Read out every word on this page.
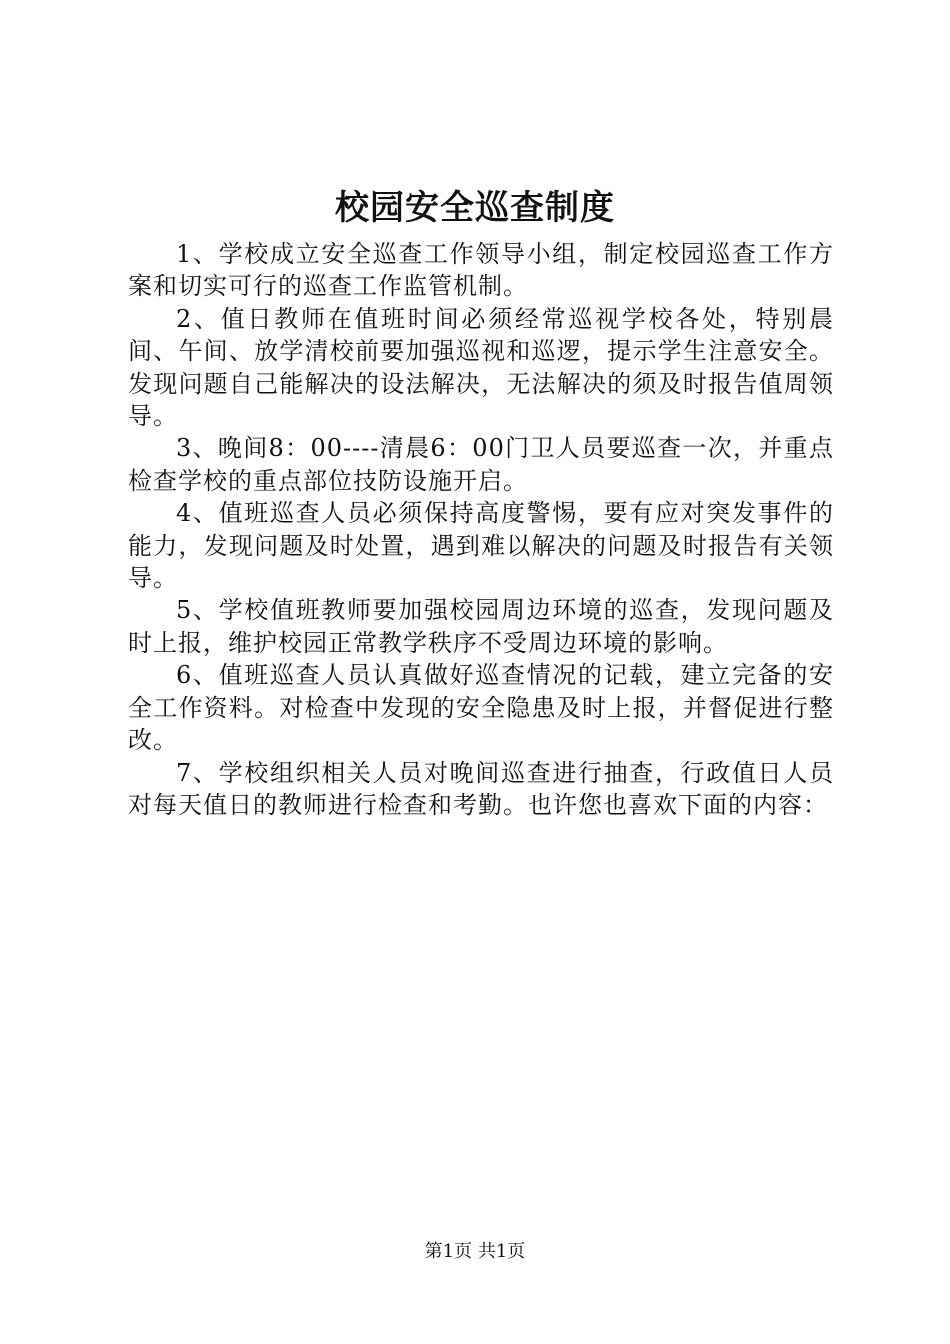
校园安全巡查制度

1、学校成立安全巡查工作领导小组，制定校园巡查工作方案和切实可行的巡查工作监管机制。

2、值日教师在值班时间必须经常巡视学校各处，特别晨间、午间、放学清校前要加强巡视和巡逻，提示学生注意安全。发现问题自己能解决的设法解决，无法解决的须及时报告值周领导。

3、晚间8：00----清晨6：00门卫人员要巡查一次，并重点检查学校的重点部位技防设施开启。

4、值班巡查人员必须保持高度警惕，要有应对突发事件的能力，发现问题及时处置，遇到难以解决的问题及时报告有关领导。

5、学校值班教师要加强校园周边环境的巡查，发现问题及时上报，维护校园正常教学秩序不受周边环境的影响。

6、值班巡查人员认真做好巡查情况的记载，建立完备的安全工作资料。对检查中发现的安全隐患及时上报，并督促进行整改。

7、学校组织相关人员对晚间巡查进行抽查，行政值日人员对每天值日的教师进行检查和考勤。也许您也喜欢下面的内容：

第1页 共1页
